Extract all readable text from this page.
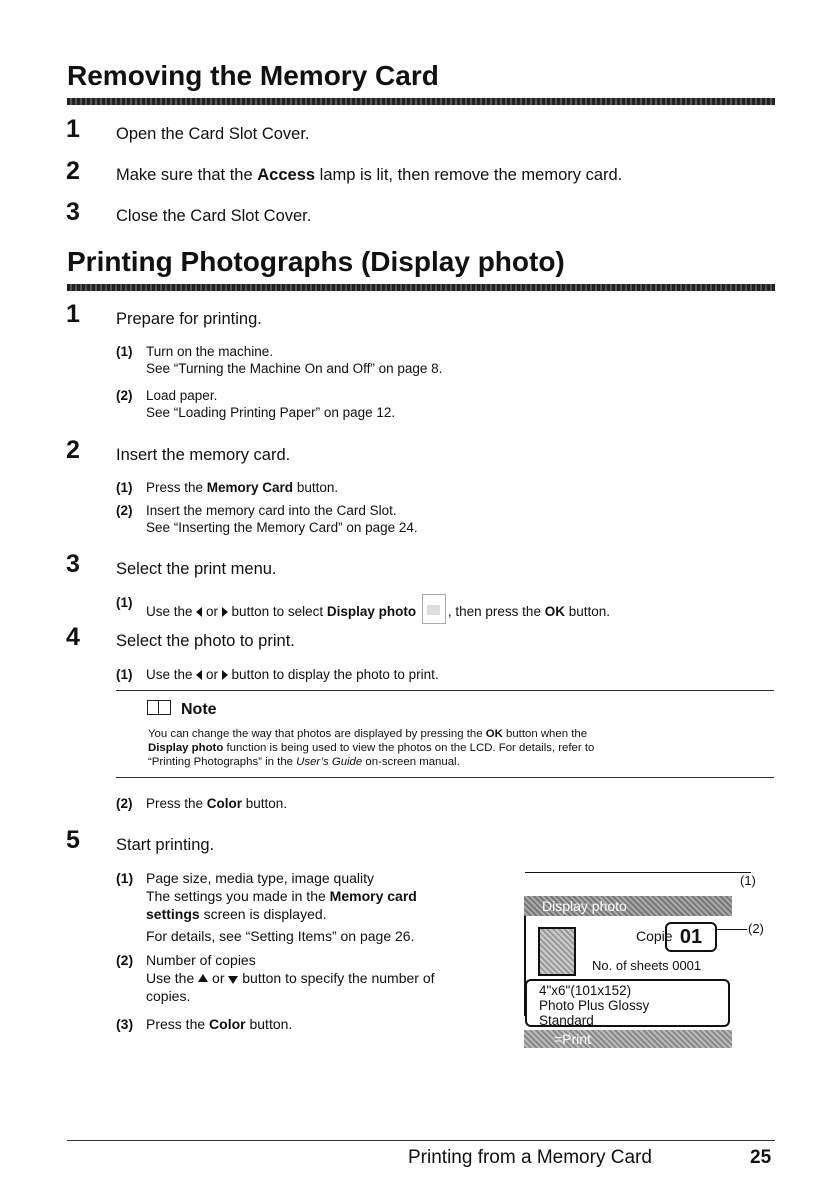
Removing the Memory Card
1 Open the Card Slot Cover.
2 Make sure that the Access lamp is lit, then remove the memory card.
3 Close the Card Slot Cover.
Printing Photographs (Display photo)
1 Prepare for printing.
(1) Turn on the machine.
See “Turning the Machine On and Off” on page 8.
(2) Load paper.
See “Loading Printing Paper” on page 12.
2 Insert the memory card.
(1) Press the Memory Card button.
(2) Insert the memory card into the Card Slot.
See “Inserting the Memory Card” on page 24.
3 Select the print menu.
(1)
Use the  or  button to select Display photo , then press the OK button.
4 Select the photo to print.
(1) Use the  or  button to display the photo to print.
Note
You can change the way that photos are displayed by pressing the OK button when the
Display photo function is being used to view the photos on the LCD. For details, refer to
“Printing Photographs” in the User’s Guide on-screen manual.
(2) Press the Color button.
5 Start printing.
(1) Page size, media type, image quality
The settings you made in the Memory card
settings screen is displayed.
For details, see “Setting Items” on page 26.
(2) Number of copies
Use the  or  button to specify the number of
copies.
(3) Press the Color button.
Display photo
Copie 01
No. of sheets 0001
4"x6"(101x152)
Photo Plus Glossy
Standard
=Print
(1)
(2)
Printing from a Memory Card	25
